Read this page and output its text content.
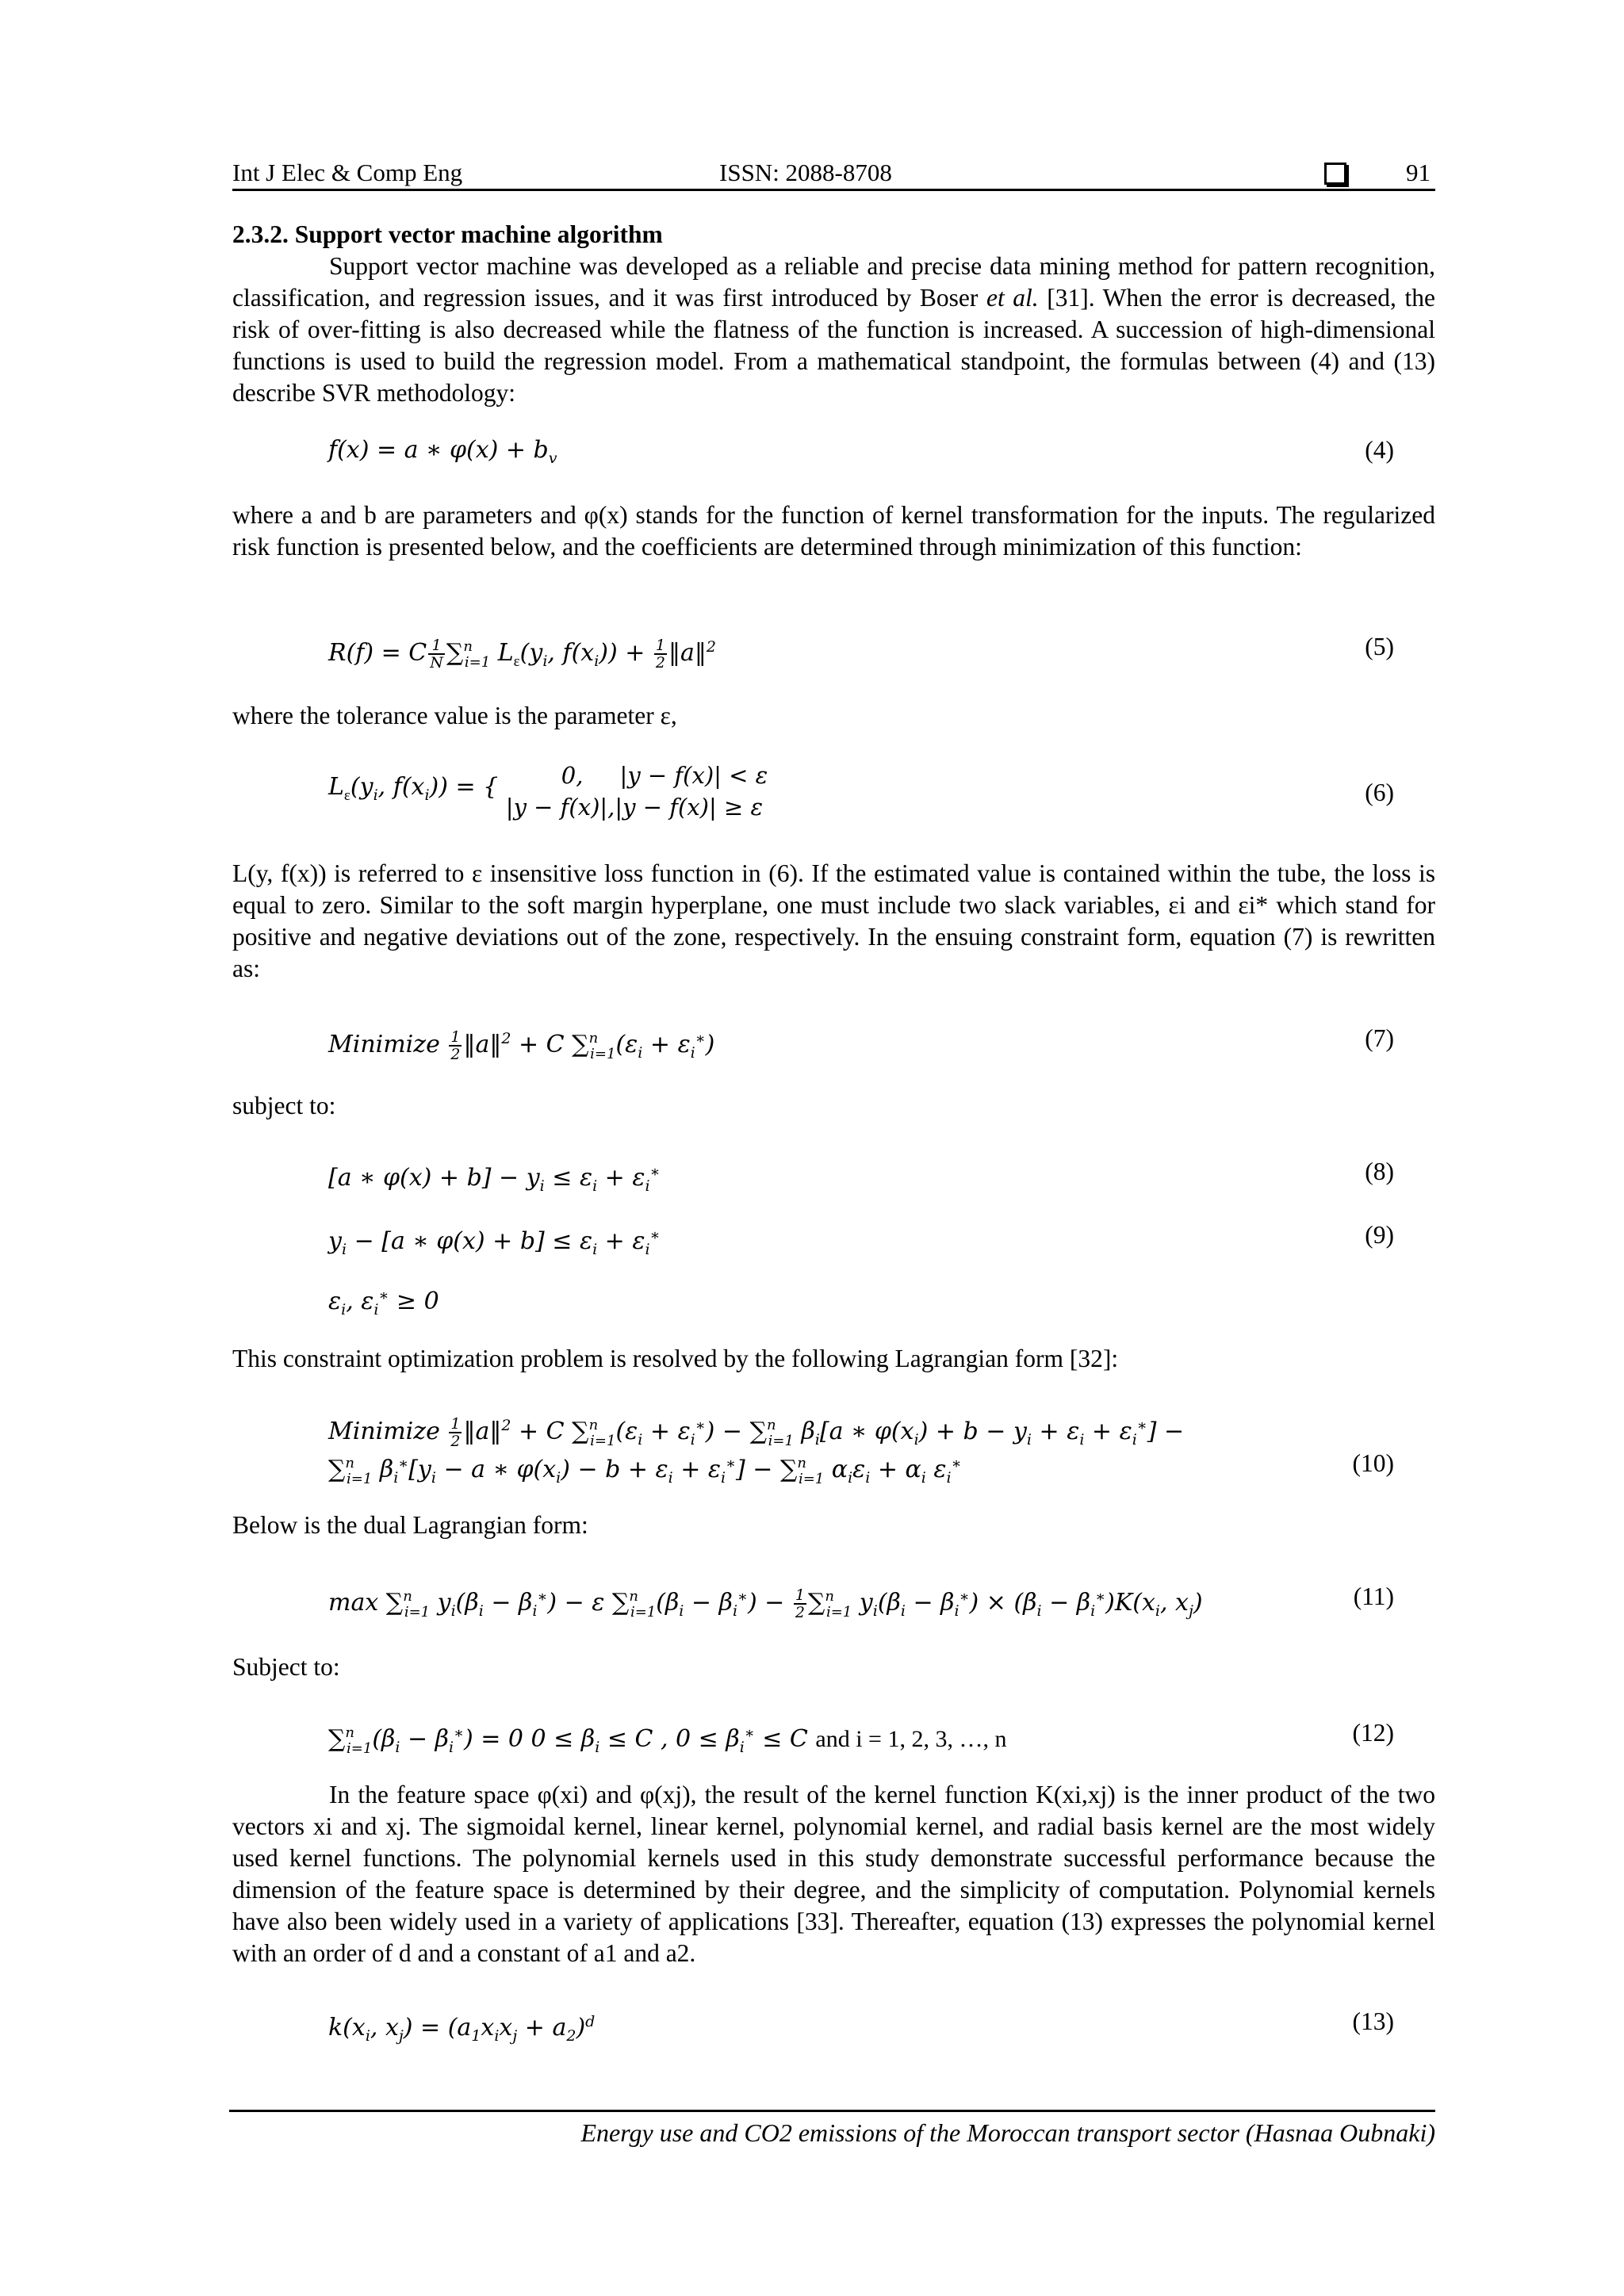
Int J Elec & Comp Eng	ISSN: 2088-8708	91
2.3.2. Support vector machine algorithm
Support vector machine was developed as a reliable and precise data mining method for pattern recognition, classification, and regression issues, and it was first introduced by Boser et al. [31]. When the error is decreased, the risk of over-fitting is also decreased while the flatness of the function is increased. A succession of high-dimensional functions is used to build the regression model. From a mathematical standpoint, the formulas between (4) and (13) describe SVR methodology:
f(x) = a ∗ $\varphi(x) + b_v$	(4)
where a and b are parameters and φ(x) stands for the function of kernel transformation for the inputs. The regularized risk function is presented below, and the coefficients are determined through minimization of this function:
R(f) = C $\frac{1}{N} \sum^n_{i=1}$ $L_\varepsilon(y_i$, $f(x_i)) + \frac{1}{2}$ ‖a‖$^2$	(5)
where the tolerance value is the parameter ε,
$L_\varepsilon(y_i$, $f(x_i)$) = {	0,     |y − f(x)| < ε
|y − f(x)|,|y − f(x)| ≥ ε
(6)
L(y, f(x)) is referred to ε insensitive loss function in (6). If the estimated value is contained within the tube, the loss is equal to zero. Similar to the soft margin hyperplane, one must include two slack variables, εi and εi* which stand for positive and negative deviations out of the zone, respectively. In the ensuing constraint form, equation (7) is rewritten as:
Minimize $\frac{1}{2}$ ‖a‖$^2$ + C $\sum^n_{i=1}(\varepsilon_i + \varepsilon_i^∗)$	(7)
subject to:
[a ∗ $\varphi(x) + b] - y_i \le \varepsilon_i + \varepsilon_i^∗$	(8)
$y_i - [a$ ∗ $\varphi(x) + b] \le \varepsilon_i + \varepsilon_i^∗$	(9)
$\varepsilon_i$, $\varepsilon_i^∗ \ge 0$
This constraint optimization problem is resolved by the following Lagrangian form [32]:
Minimize $\frac{1}{2}$ ‖a‖$^2$ + C $\sum^n_{i=1}(\varepsilon_i + \varepsilon_i^∗) - \sum^n_{i=1}$ $\beta_i[a$ ∗ $\varphi(x_i) + b - y_i + \varepsilon_i + \varepsilon_i^∗$] −
∑$^n_{i=1}$ $\beta_i^∗[y_i - a$ ∗ $\varphi(x_i) - b + \varepsilon_i + \varepsilon_i^∗] - \sum^n_{i=1}$ $\alpha_i\varepsilon_i + \alpha_i$ $\varepsilon_i^∗$	(10)
Below is the dual Lagrangian form:
max ∑$^n_{i=1}$ $y_i(\beta_i - \beta_i^∗) - \varepsilon$ $\sum^n_{i=1}(\beta_i - \beta_i^∗) - \frac{1}{2} \sum^n_{i=1}$ $y_i(\beta_i - \beta_i^∗) \times (\beta_i - \beta_i^∗)K(x_i$, $x_j$)	(11)
Subject to:
$\sum^n_{i=1}(\beta_i - \beta_i^∗) = 0$ $0 \le \beta_i \le C$ , $0 \le \beta_i^∗ \le C$ and i = 1, 2, 3, …, n	(12)
In the feature space φ(xi) and φ(xj), the result of the kernel function K(xi,xj) is the inner product of the two vectors xi and xj. The sigmoidal kernel, linear kernel, polynomial kernel, and radial basis kernel are the most widely used kernel functions. The polynomial kernels used in this study demonstrate successful performance because the dimension of the feature space is determined by their degree, and the simplicity of computation. Polynomial kernels have also been widely used in a variety of applications [33]. Thereafter, equation (13) expresses the polynomial kernel with an order of d and a constant of a1 and a2.
$k(x_i$, $x_j) = (a_1x_ix_j + a_2)^d$	(13)
Energy use and CO2 emissions of the Moroccan transport sector (Hasnaa Oubnaki)
